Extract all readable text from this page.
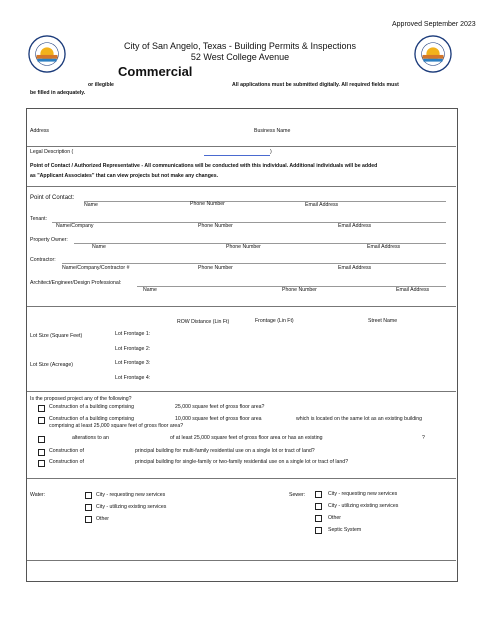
Approved September 2023
City of San Angelo, Texas - Building Permits & Inspections
52 West College Avenue
Commercial
or illegible	All applications must be submitted digitally. All required fields must
be filled in adequately.
Address	Business Name
Legal Description (	)
Point of Contact / Authorized Representative - All communications will be conducted with this individual. Additional individuals will be added
as "Applicant Associates" that can view projects but not make any changes.
Point of Contact:
Name	Phone Number	Email Address
Tenant:
Name/Company	Phone Number	Email Address
Property Owner:
Name	Phone Number	Email Address
Contractor:
Name/Company/Contractor #	Phone Number	Email Address
Architect/Engineer/Design Professional:
Name	Phone Number	Email Address
ROW Distance (Lin Ft)	Frontage (Lin Ft)	Street Name
Lot Size (Square Feet)
Lot Size (Acreage)
Lot Frontage 1:
Lot Frontage 2:
Lot Frontage 3:
Lot Frontage 4:
Is the proposed project any of the following?
Construction of a building comprising	25,000 square feet of gross floor area?
Construction of a building comprising	10,000 square feet of gross floor area	which is located on the same lot as an existing building
comprising at least 25,000 square feet of gross floor area?
alterations to an	of at least 25,000 square feet of gross floor area or has an existing	?
Construction of	principal building for multi-family residential use on a single lot or tract of land?
Construction of	principal building for single-family or two-family residential use on a single lot or tract of land?
Water:	City - requesting new services
City - utilizing existing services
Other
Sewer:	City - requesting new services
City - utilizing existing services
Other
Septic System
